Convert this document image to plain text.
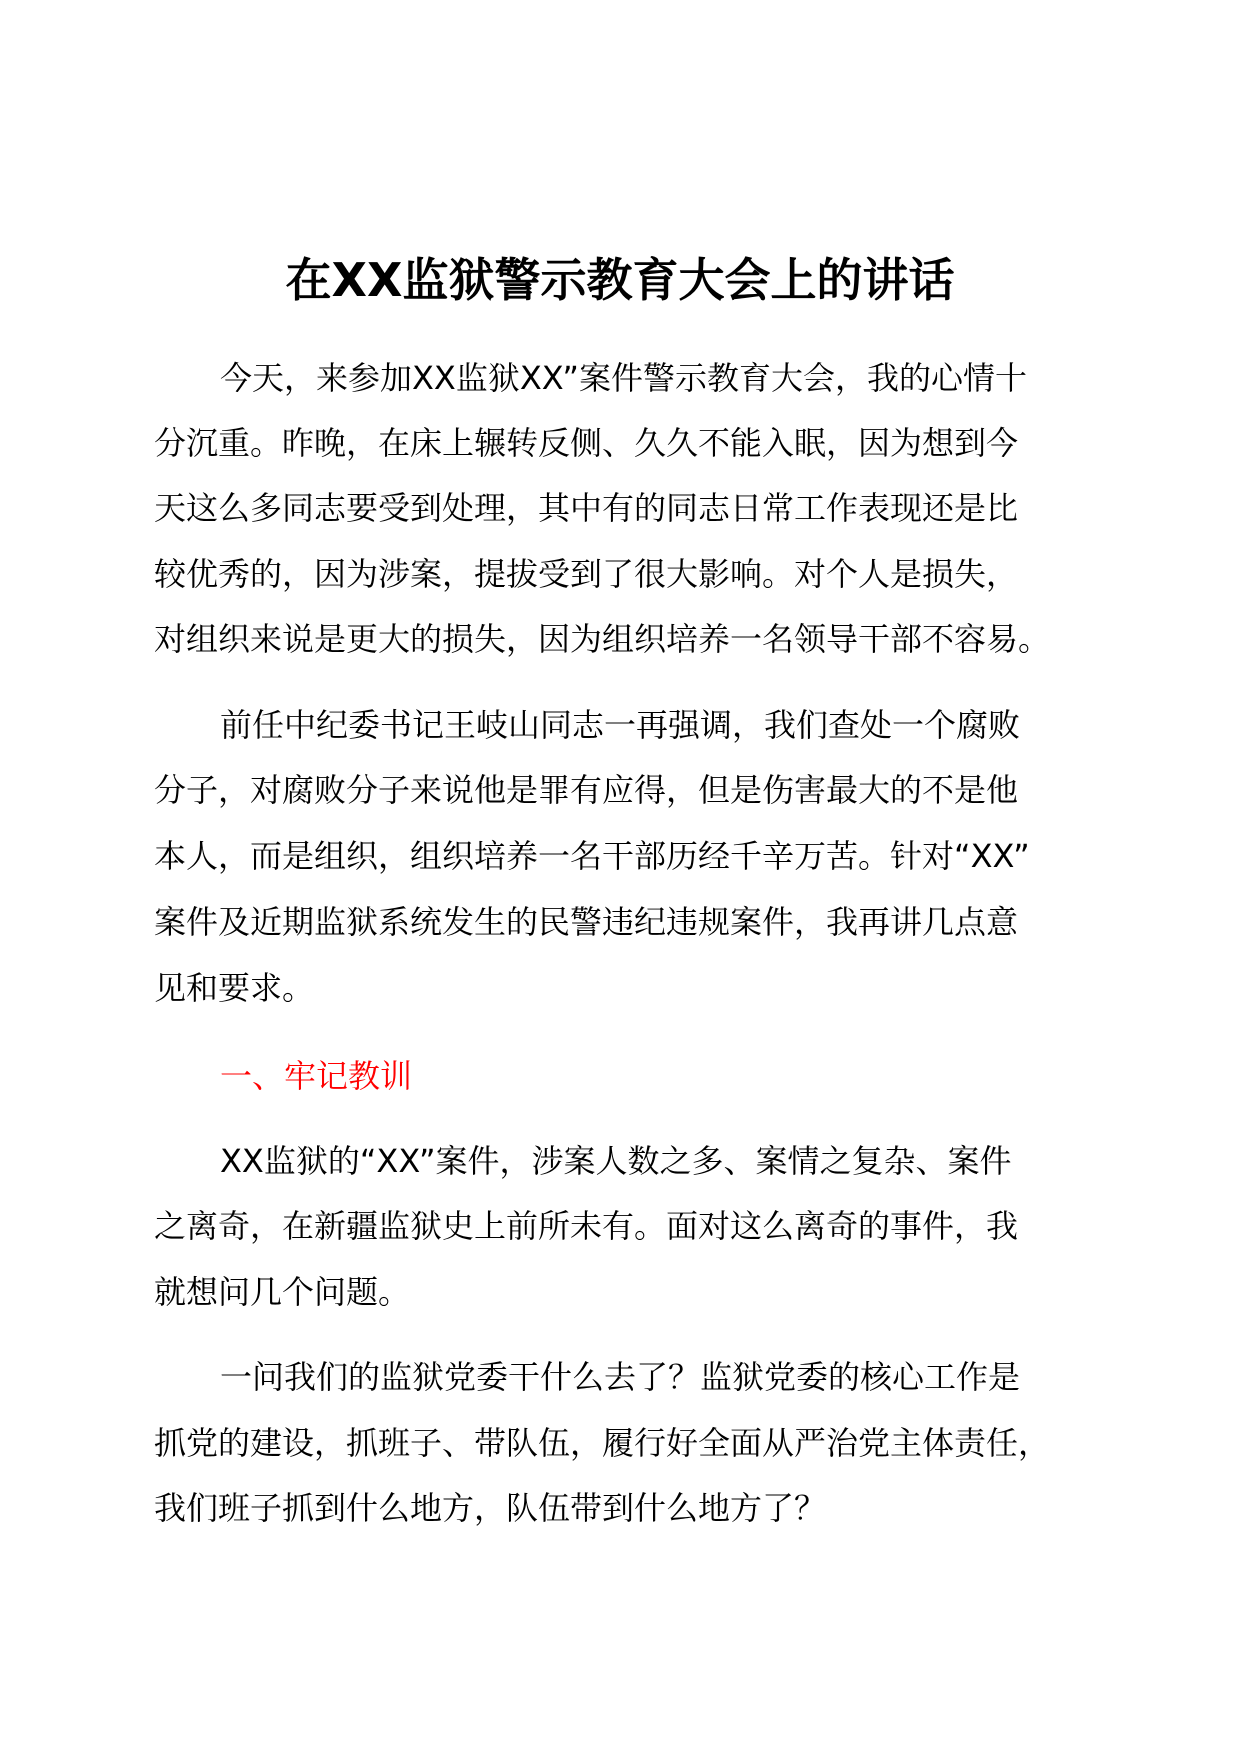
在XX监狱警示教育大会上的讲话
今天，来参加XX监狱XX”案件警示教育大会，我的心情十
分沉重。昨晚，在床上辗转反侧、久久不能入眠，因为想到今
天这么多同志要受到处理，其中有的同志日常工作表现还是比
较优秀的，因为涉案，提拔受到了很大影响。对个人是损失，
对组织来说是更大的损失，因为组织培养一名领导干部不容易。
前任中纪委书记王岐山同志一再强调，我们查处一个腐败
分子，对腐败分子来说他是罪有应得，但是伤害最大的不是他
本人，而是组织，组织培养一名干部历经千辛万苦。针对“XX”
案件及近期监狱系统发生的民警违纪违规案件，我再讲几点意
见和要求。
一、牢记教训
XX监狱的“XX”案件，涉案人数之多、案情之复杂、案件
之离奇，在新疆监狱史上前所未有。面对这么离奇的事件，我
就想问几个问题。
一问我们的监狱党委干什么去了？监狱党委的核心工作是
抓党的建设，抓班子、带队伍，履行好全面从严治党主体责任，
我们班子抓到什么地方，队伍带到什么地方了？
